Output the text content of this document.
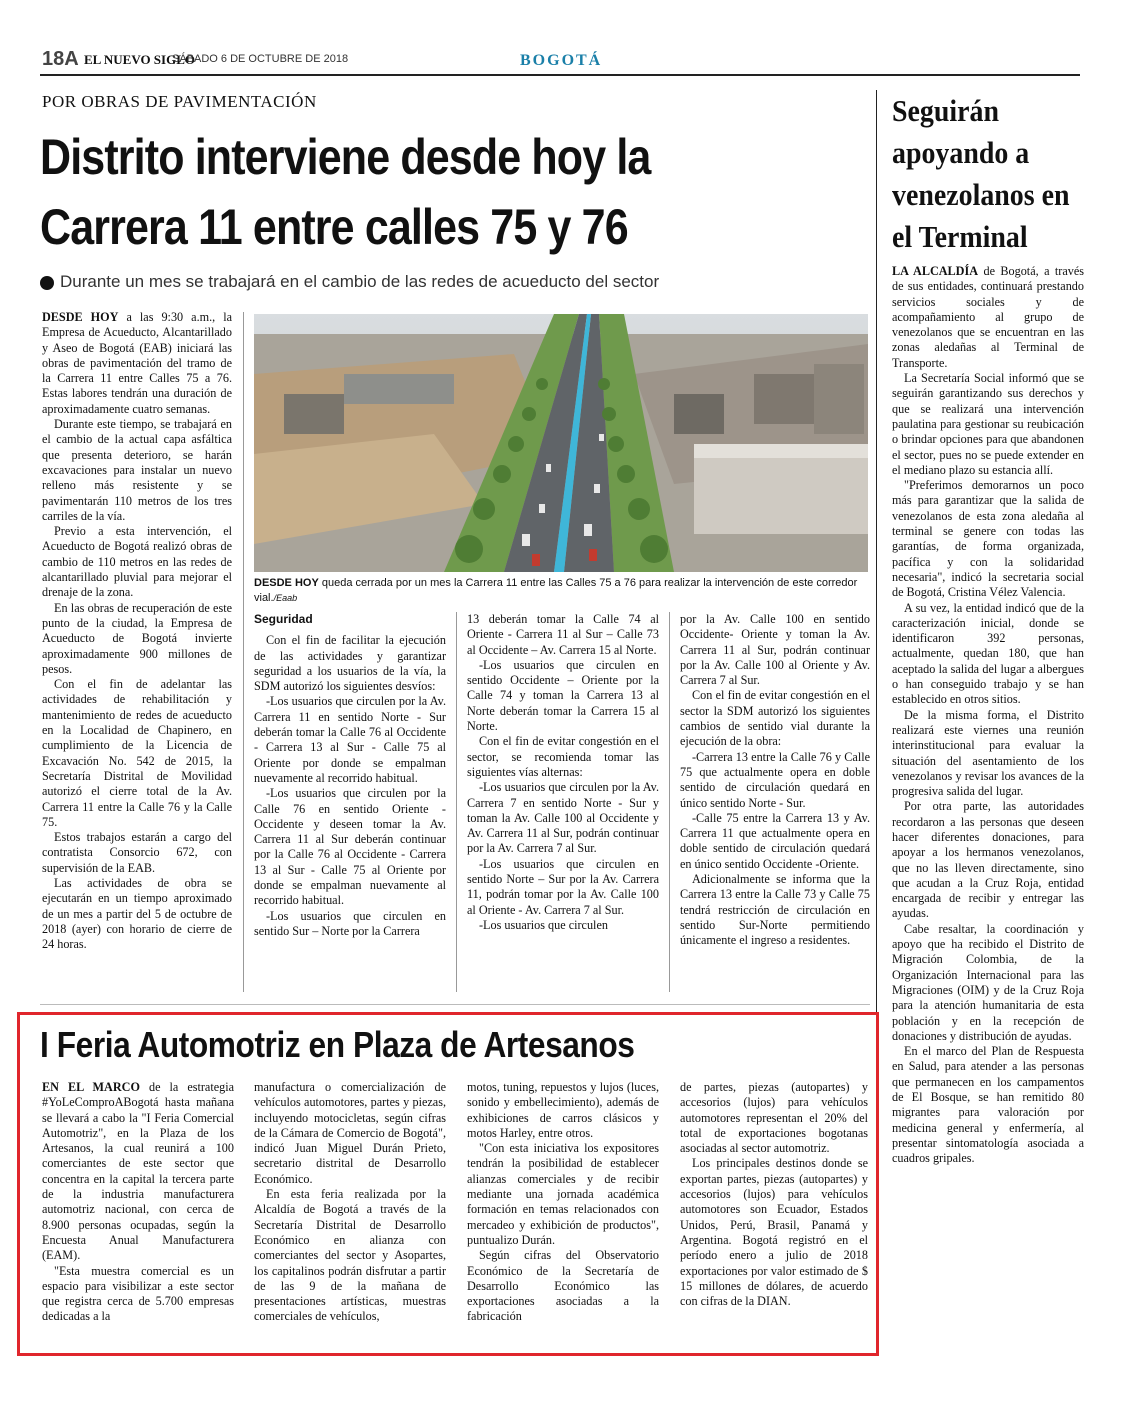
18A EL NUEVO SIGLO
SÁBADO 6 DE OCTUBRE DE 2018	BOGOTÁ
POR OBRAS DE PAVIMENTACIÓN
Distrito interviene desde hoy la
Carrera 11 entre calles 75 y 76
Durante un mes se trabajará en el cambio de las redes de acueducto del sector

DESDE HOY a las 9:30 a.m., la Empresa de Acueducto, Alcantarillado y Aseo de Bogotá (EAB) iniciará las obras de pavimentación del tramo de la Carrera 11 entre Calles 75 a 76. Estas labores tendrán una duración de aproximadamente cuatro semanas.

Durante este tiempo, se trabajará en el cambio de la actual capa asfáltica que presenta deterioro, se harán excavaciones para instalar un nuevo relleno más resistente y se pavimentarán 110 metros de los tres carriles de la vía.

Previo a esta intervención, el Acueducto de Bogotá realizó obras de cambio de 110 metros en las redes de alcantarillado pluvial para mejorar el drenaje de la zona.

En las obras de recuperación de este punto de la ciudad, la Empresa de Acueducto de Bogotá invierte aproximadamente 900 millones de pesos.

Con el fin de adelantar las actividades de rehabilitación y mantenimiento de redes de acueducto en la Localidad de Chapinero, en cumplimiento de la Licencia de Excavación No. 542 de 2015, la Secretaría Distrital de Movilidad autorizó el cierre total de la Av. Carrera 11 entre la Calle 76 y la Calle 75.

Estos trabajos estarán a cargo del contratista Consorcio 672, con supervisión de la EAB.

Las actividades de obra se ejecutarán en un tiempo aproximado de un mes a partir del 5 de octubre de 2018 (ayer) con horario de cierre de 24 horas.

DESDE HOY queda cerrada por un mes la Carrera 11 entre las Calles 75 a 76 para realizar la intervención de este corredor vial./Eaab
Seguridad

Con el fin de facilitar la ejecución de las actividades y garantizar seguridad a los usuarios de la vía, la SDM autorizó los siguientes desvíos:

-Los usuarios que circulen por la Av. Carrera 11 en sentido Norte - Sur deberán tomar la Calle 76 al Occidente - Carrera 13 al Sur - Calle 75 al Oriente por donde se empalman nuevamente al recorrido habitual.

-Los usuarios que circulen por la Calle 76 en sentido Oriente - Occidente y deseen tomar la Av. Carrera 11 al Sur deberán continuar por la Calle 76 al Occidente - Carrera 13 al Sur - Calle 75 al Oriente por donde se empalman nuevamente al recorrido habitual.

-Los usuarios que circulen en sentido Sur – Norte por la Carrera

13 deberán tomar la Calle 74 al Oriente - Carrera 11 al Sur – Calle 73 al Occidente – Av. Carrera 15 al Norte.

-Los usuarios que circulen en sentido Occidente – Oriente por la Calle 74 y toman la Carrera 13 al Norte deberán tomar la Carrera 15 al Norte.

Con el fin de evitar congestión en el sector, se recomienda tomar las siguientes vías alternas:

-Los usuarios que circulen por la Av. Carrera 7 en sentido Norte - Sur y toman la Av. Calle 100 al Occidente y Av. Carrera 11 al Sur, podrán continuar por la Av. Carrera 7 al Sur.

-Los usuarios que circulen en sentido Norte – Sur por la Av. Carrera 11, podrán tomar por la Av. Calle 100 al Oriente - Av. Carrera 7 al Sur.

-Los usuarios que circulen

por la Av. Calle 100 en sentido Occidente- Oriente y toman la Av. Carrera 11 al Sur, podrán continuar por la Av. Calle 100 al Oriente y Av. Carrera 7 al Sur.

Con el fin de evitar congestión en el sector la SDM autorizó los siguientes cambios de sentido vial durante la ejecución de la obra:

-Carrera 13 entre la Calle 76 y Calle 75 que actualmente opera en doble sentido de circulación quedará en único sentido Norte - Sur.

-Calle 75 entre la Carrera 13 y Av. Carrera 11 que actualmente opera en doble sentido de circulación quedará en único sentido Occidente -Oriente.

Adicionalmente se informa que la Carrera 13 entre la Calle 73 y Calle 75 tendrá restricción de circulación en sentido Sur-Norte permitiendo únicamente el ingreso a residentes.

Seguirán apoyando a venezolanos en el Terminal

LA ALCALDÍA de Bogotá, a través de sus entidades, continuará prestando servicios sociales y de acompañamiento al grupo de venezolanos que se encuentran en las zonas aledañas al Terminal de Transporte.

La Secretaría Social informó que se seguirán garantizando sus derechos y que se realizará una intervención paulatina para gestionar su reubicación o brindar opciones para que abandonen el sector, pues no se puede extender en el mediano plazo su estancia allí.

"Preferimos demorarnos un poco más para garantizar que la salida de venezolanos de esta zona aledaña al terminal se genere con todas las garantías, de forma organizada, pacífica y con la solidaridad necesaria", indicó la secretaria social de Bogotá, Cristina Vélez Valencia.

A su vez, la entidad indicó que de la caracterización inicial, donde se identificaron 392 personas, actualmente, quedan 180, que han aceptado la salida del lugar a albergues o han conseguido trabajo y se han establecido en otros sitios.

De la misma forma, el Distrito realizará este viernes una reunión interinstitucional para evaluar la situación del asentamiento de los venezolanos y revisar los avances de la progresiva salida del lugar.

Por otra parte, las autoridades recordaron a las personas que deseen hacer diferentes donaciones, para apoyar a los hermanos venezolanos, que no las lleven directamente, sino que acudan a la Cruz Roja, entidad encargada de recibir y entregar las ayudas.

Cabe resaltar, la coordinación y apoyo que ha recibido el Distrito de Migración Colombia, de la Organización Internacional para las Migraciones (OIM) y de la Cruz Roja para la atención humanitaria de esta población y en la recepción de donaciones y distribución de ayudas.

En el marco del Plan de Respuesta en Salud, para atender a las personas que permanecen en los campamentos de El Bosque, se han remitido 80 migrantes para valoración por medicina general y enfermería, al presentar sintomatología asociada a cuadros gripales.

I Feria Automotriz en Plaza de Artesanos

EN EL MARCO de la estrategia #YoLeComproABogotá hasta mañana se llevará a cabo la "I Feria Comercial Automotriz", en la Plaza de los Artesanos, la cual reunirá a 100 comerciantes de este sector que concentra en la capital la tercera parte de la industria manufacturera automotriz nacional, con cerca de 8.900 personas ocupadas, según la Encuesta Anual Manufacturera (EAM).

"Esta muestra comercial es un espacio para visibilizar a este sector que registra cerca de 5.700 empresas dedicadas a la

manufactura o comercialización de vehículos automotores, partes y piezas, incluyendo motocicletas, según cifras de la Cámara de Comercio de Bogotá", indicó Juan Miguel Durán Prieto, secretario distrital de Desarrollo Económico.

En esta feria realizada por la Alcaldía de Bogotá a través de la Secretaría Distrital de Desarrollo Económico en alianza con comerciantes del sector y Asopartes, los capitalinos podrán disfrutar a partir de las 9 de la mañana de presentaciones artísticas, muestras comerciales de vehículos,

motos, tuning, repuestos y lujos (luces, sonido y embellecimiento), además de exhibiciones de carros clásicos y motos Harley, entre otros.

"Con esta iniciativa los expositores tendrán la posibilidad de establecer alianzas comerciales y de recibir mediante una jornada académica formación en temas relacionados con mercadeo y exhibición de productos", puntualizo Durán.

Según cifras del Observatorio Económico de la Secretaría de Desarrollo Económico las exportaciones asociadas a la fabricación

de partes, piezas (autopartes) y accesorios (lujos) para vehículos automotores representan el 20% del total de exportaciones bogotanas asociadas al sector automotriz.

Los principales destinos donde se exportan partes, piezas (autopartes) y accesorios (lujos) para vehículos automotores son Ecuador, Estados Unidos, Perú, Brasil, Panamá y Argentina. Bogotá registró en el período enero a julio de 2018 exportaciones por valor estimado de $ 15 millones de dólares, de acuerdo con cifras de la DIAN.
